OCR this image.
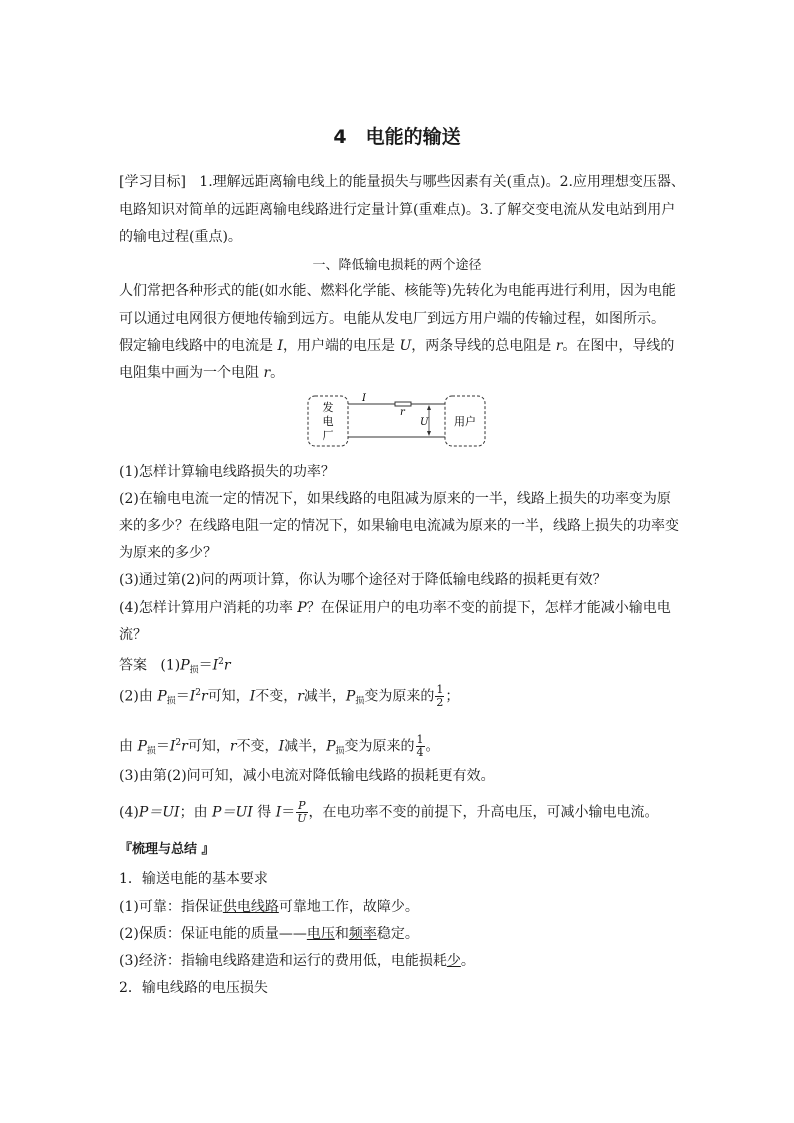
4　电能的输送
[学习目标] 1.理解远距离输电线上的能量损失与哪些因素有关(重点)。2.应用理想变压器、
电路知识对简单的远距离输电线路进行定量计算(重难点)。3.了解交变电流从发电站到用户
的输电过程(重点)。
一、降低输电损耗的两个途径
人们常把各种形式的能(如水能、燃料化学能、核能等)先转化为电能再进行利用，因为电能
可以通过电网很方便地传输到远方。电能从发电厂到远方用户端的传输过程，如图所示。
假定输电线路中的电流是 I，用户端的电压是 U，两条导线的总电阻是 r。在图中，导线的
电阻集中画为一个电阻 r。
发
电
厂
I
r
U 用户
(1)怎样计算输电线路损失的功率？
(2)在输电电流一定的情况下，如果线路的电阻减为原来的一半，线路上损失的功率变为原
来的多少？在线路电阻一定的情况下，如果输电电流减为原来的一半，线路上损失的功率变
为原来的多少？
(3)通过第(2)问的两项计算，你认为哪个途径对于降低输电线路的损耗更有效？
(4)怎样计算用户消耗的功率 P？在保证用户的电功率不变的前提下，怎样才能减小输电电
流？
答案 $(1)P_损=I^2r$
(2)由 $P_损=I^2r$可知，I不变，r减半，$P_损$变为原来的 $\frac{1}{2}$ ；
由 $P_损=I^2r$可知，r不变，I减半，$P_损$变为原来的 $\frac{1}{4}$ 。
(3)由第(2)问可知，减小电流对降低输电线路的损耗更有效。
(4)P＝UI；由 P＝UI 得 $I= \frac{P}{U}$ ，在电功率不变的前提下，升高电压，可减小输电电流。
『梳理与总结 』
1．输送电能的基本要求
(1)可靠：指保证供电线路可靠地工作，故障少。
(2)保质：保证电能的质量——电压和频率稳定。
(3)经济：指输电线路建造和运行的费用低，电能损耗少。
2．输电线路的电压损失
